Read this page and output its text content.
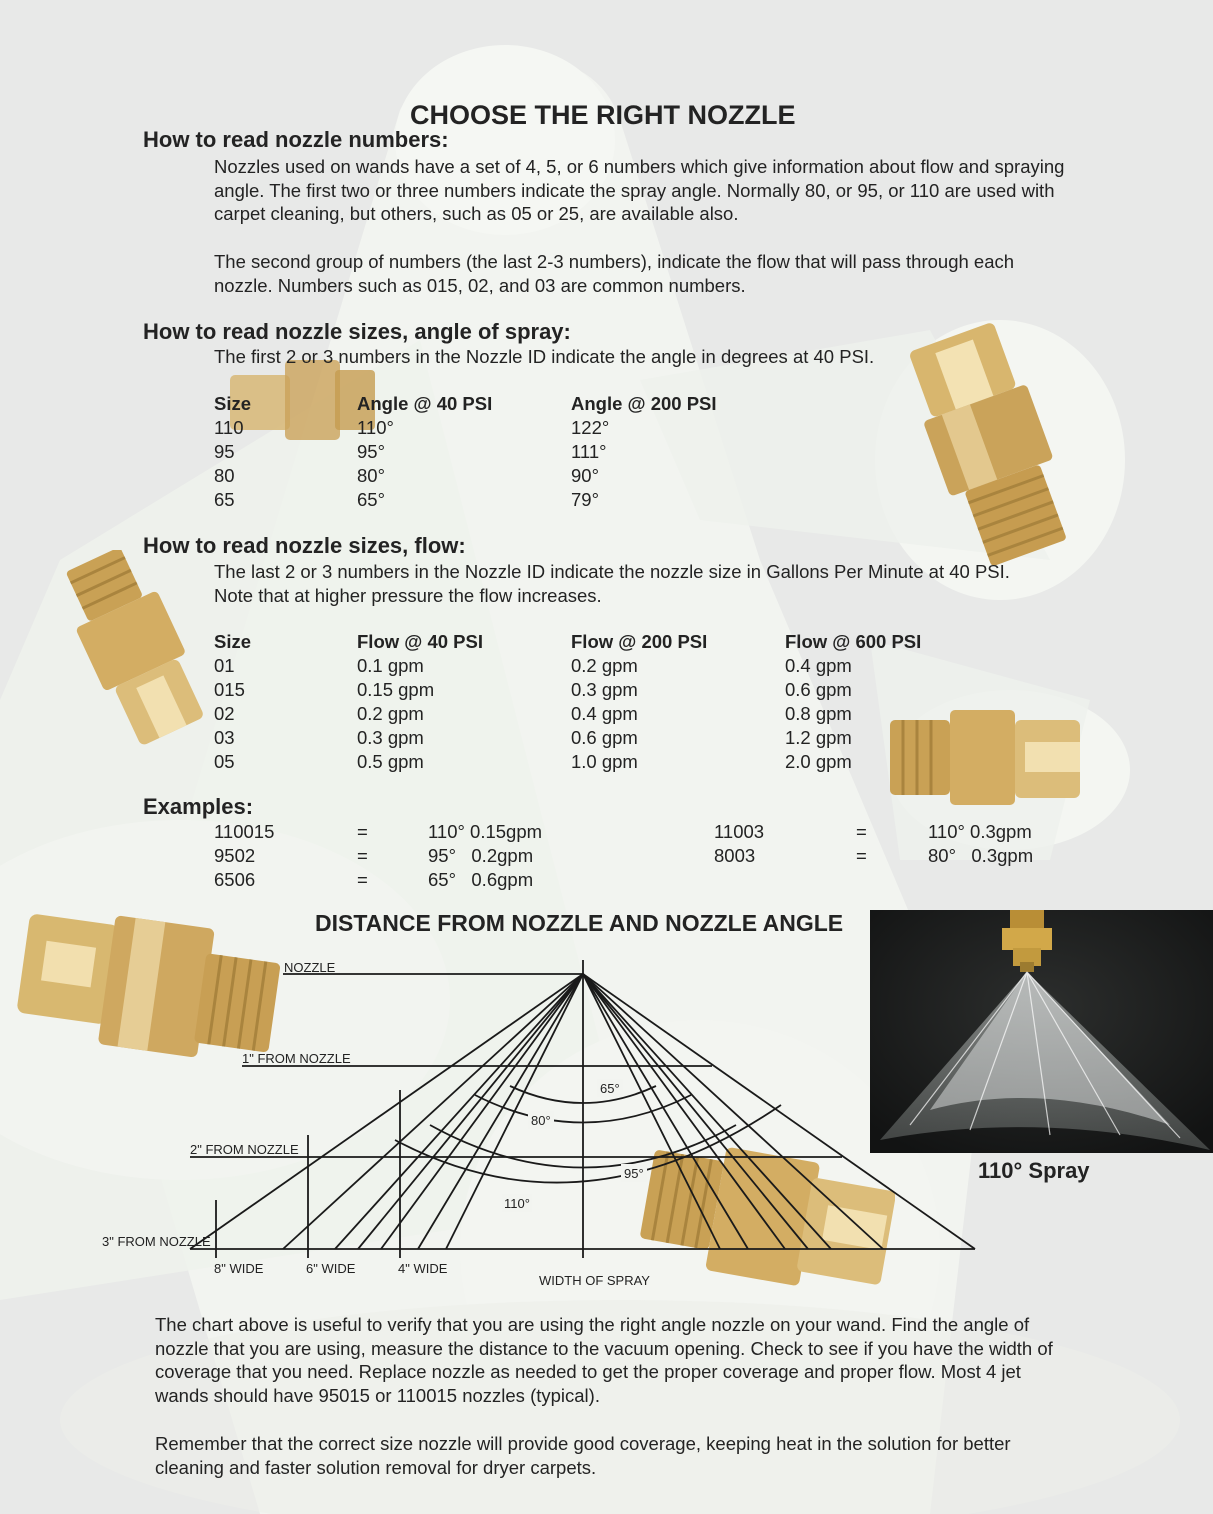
CHOOSE THE RIGHT NOZZLE
How to read nozzle numbers:
Nozzles used on wands have a set of 4, 5, or 6 numbers which give information about flow and spraying angle. The first two or three numbers indicate the spray angle. Normally 80, or 95, or 110 are used with carpet cleaning, but others, such as 05 or 25, are available also.
The second group of numbers (the last 2-3 numbers), indicate the flow that will pass through each nozzle. Numbers such as 015, 02, and 03 are common numbers.
How to read nozzle sizes, angle of spray:
The first 2 or 3 numbers in the Nozzle ID indicate the angle in degrees at 40 PSI.
Size	Angle @ 40 PSI	Angle @ 200 PSI
110	110°	122°
95	95°	111°
80	80°	90°
65	65°	79°
How to read nozzle sizes, flow:
The last 2 or 3 numbers in the Nozzle ID indicate the nozzle size in Gallons Per Minute at 40 PSI.
Note that at higher pressure the flow increases.
Size	Flow @ 40 PSI	Flow @ 200 PSI	Flow @ 600 PSI
01	0.1 gpm	0.2 gpm	0.4 gpm
015	0.15 gpm	0.3 gpm	0.6 gpm
02	0.2 gpm	0.4 gpm	0.8 gpm
03	0.3 gpm	0.6 gpm	1.2 gpm
05	0.5 gpm	1.0 gpm	2.0 gpm
Examples:
110015	=	110° 0.15gpm
9502	=	95°   0.2gpm
6506	=	65°   0.6gpm
11003	=	110° 0.3gpm
8003	=	80°   0.3gpm
DISTANCE FROM NOZZLE AND NOZZLE ANGLE
NOZZLE
1" FROM NOZZLE
2" FROM NOZZLE
3" FROM NOZZLE
8" WIDE	6" WIDE	4" WIDE
WIDTH OF SPRAY
65°
80°
95°
110°
110° Spray
The chart above is useful to verify that you are using the right angle nozzle on your wand. Find the angle of nozzle that you are using, measure the distance to the vacuum opening. Check to see if you have the width of coverage that you need. Replace nozzle as needed to get the proper coverage and proper flow. Most 4 jet wands should have 95015 or 110015 nozzles (typical).
Remember that the correct size nozzle will provide good coverage, keeping heat in the solution for better cleaning and faster solution removal for dryer carpets.
